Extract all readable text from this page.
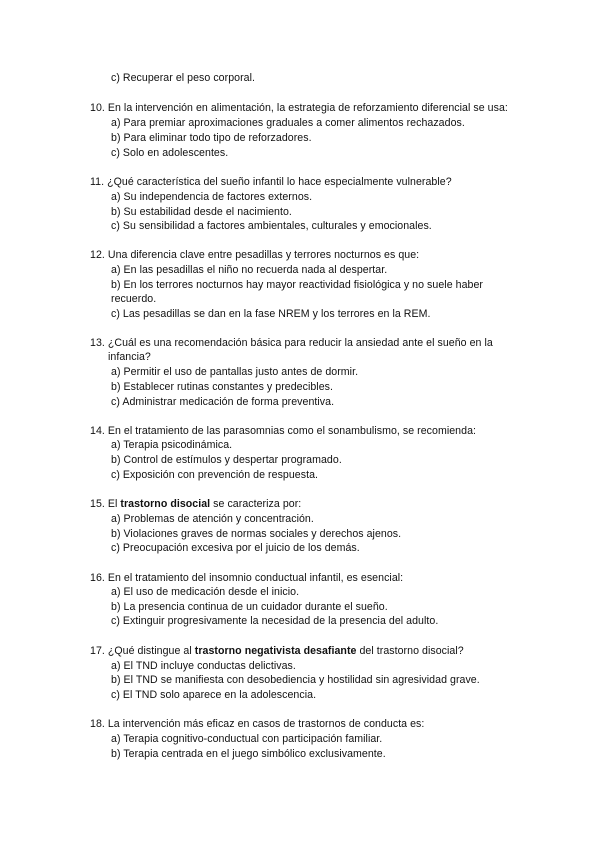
c) Recuperar el peso corporal.
10. En la intervención en alimentación, la estrategia de reforzamiento diferencial se usa:
a) Para premiar aproximaciones graduales a comer alimentos rechazados.
b) Para eliminar todo tipo de reforzadores.
c) Solo en adolescentes.
11. ¿Qué característica del sueño infantil lo hace especialmente vulnerable?
a) Su independencia de factores externos.
b) Su estabilidad desde el nacimiento.
c) Su sensibilidad a factores ambientales, culturales y emocionales.
12. Una diferencia clave entre pesadillas y terrores nocturnos es que:
a) En las pesadillas el niño no recuerda nada al despertar.
b) En los terrores nocturnos hay mayor reactividad fisiológica y no suele haber
recuerdo.
c) Las pesadillas se dan en la fase NREM y los terrores en la REM.
13. ¿Cuál es una recomendación básica para reducir la ansiedad ante el sueño en la
infancia?
a) Permitir el uso de pantallas justo antes de dormir.
b) Establecer rutinas constantes y predecibles.
c) Administrar medicación de forma preventiva.
14. En el tratamiento de las parasomnias como el sonambulismo, se recomienda:
a) Terapia psicodinámica.
b) Control de estímulos y despertar programado.
c) Exposición con prevención de respuesta.
15. El trastorno disocial se caracteriza por:
a) Problemas de atención y concentración.
b) Violaciones graves de normas sociales y derechos ajenos.
c) Preocupación excesiva por el juicio de los demás.
16. En el tratamiento del insomnio conductual infantil, es esencial:
a) El uso de medicación desde el inicio.
b) La presencia continua de un cuidador durante el sueño.
c) Extinguir progresivamente la necesidad de la presencia del adulto.
17. ¿Qué distingue al trastorno negativista desafiante del trastorno disocial?
a) El TND incluye conductas delictivas.
b) El TND se manifiesta con desobediencia y hostilidad sin agresividad grave.
c) El TND solo aparece en la adolescencia.
18. La intervención más eficaz en casos de trastornos de conducta es:
a) Terapia cognitivo-conductual con participación familiar.
b) Terapia centrada en el juego simbólico exclusivamente.
